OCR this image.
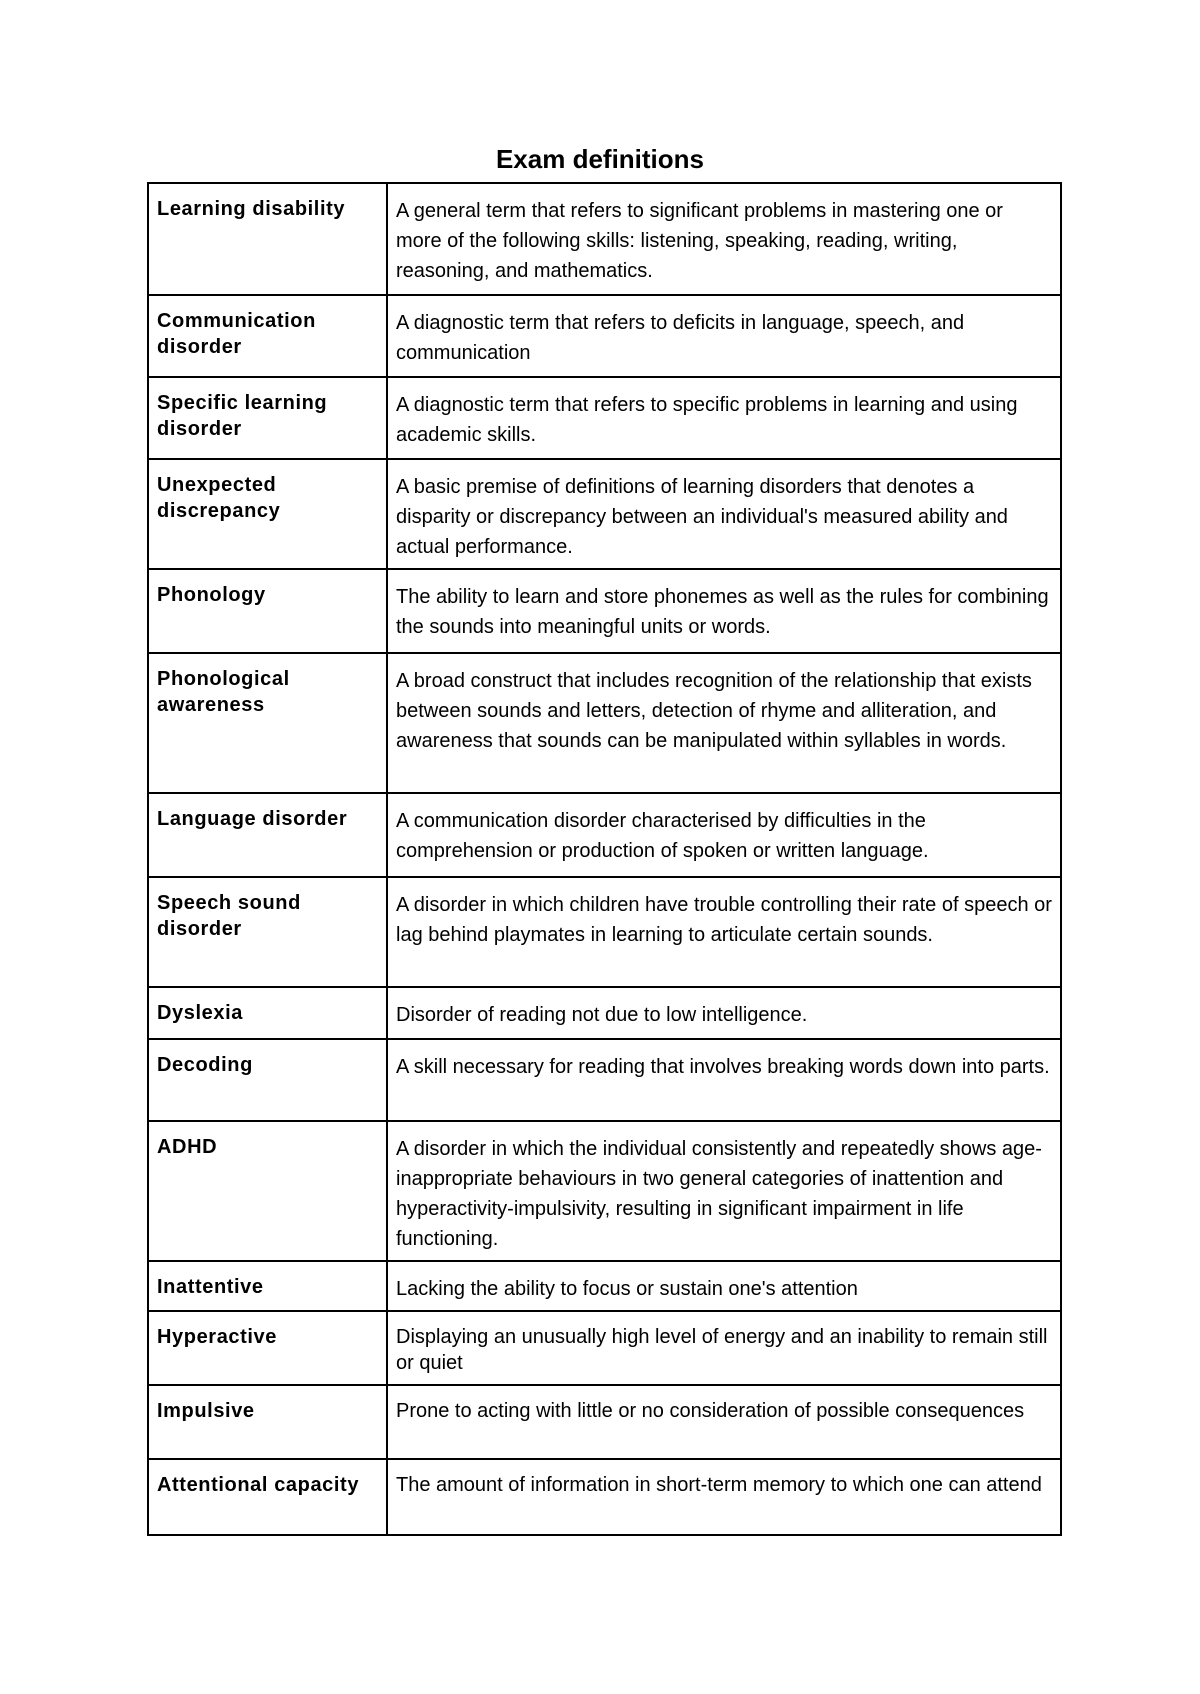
Exam definitions
Learning disability	A general term that refers to significant problems in mastering one or more of the following skills: listening, speaking, reading, writing, reasoning, and mathematics.
Communication disorder	A diagnostic term that refers to deficits in language, speech, and communication
Specific learning disorder	A diagnostic term that refers to specific problems in learning and using academic skills.
Unexpected discrepancy	A basic premise of definitions of learning disorders that denotes a disparity or discrepancy between an individual's measured ability and actual performance.
Phonology	The ability to learn and store phonemes as well as the rules for combining the sounds into meaningful units or words.
Phonological awareness	A broad construct that includes recognition of the relationship that exists between sounds and letters, detection of rhyme and alliteration, and awareness that sounds can be manipulated within syllables in words.
Language disorder	A communication disorder characterised by difficulties in the comprehension or production of spoken or written language.
Speech sound disorder	A disorder in which children have trouble controlling their rate of speech or lag behind playmates in learning to articulate certain sounds.
Dyslexia	Disorder of reading not due to low intelligence.
Decoding	A skill necessary for reading that involves breaking words down into parts.
ADHD	A disorder in which the individual consistently and repeatedly shows age-inappropriate behaviours in two general categories of inattention and hyperactivity-impulsivity, resulting in significant impairment in life functioning.
Inattentive	Lacking the ability to focus or sustain one's attention
Hyperactive	Displaying an unusually high level of energy and an inability to remain still or quiet
Impulsive	Prone to acting with little or no consideration of possible consequences
Attentional capacity	The amount of information in short-term memory to which one can attend
